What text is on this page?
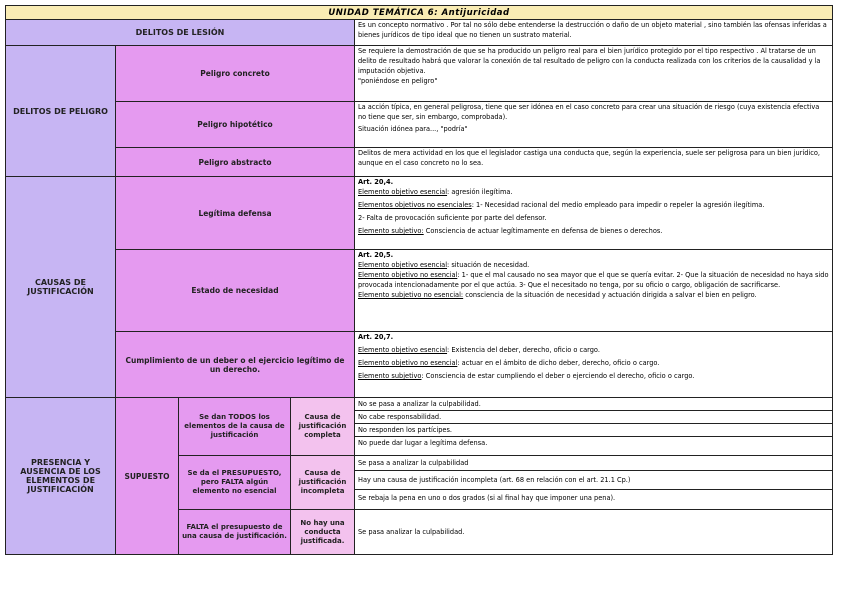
UNIDAD TEMÁTICA 6: Antijuricidad				
DELITOS DE LESIÓN				Es un concepto normativo . Por tal no sólo debe entenderse la destrucción o daño de un objeto material , sino también las ofensas inferidas a bienes jurídicos de tipo ideal que no tienen un sustrato material.

DELITOS DE PELIGRO	Peligro concreto			Se requiere la demostración de que se ha producido un peligro real para el bien jurídico protegido por el tipo respectivo . Al tratarse de un delito de resultado habrá que valorar la conexión de tal resultado de peligro con la conducta realizada con los criterios de la causalidad y la imputación objetiva.
"poniéndose en peligro"

	Peligro hipotético			La acción típica, en general peligrosa, tiene que ser idónea en el caso concreto para crear una situación de riesgo (cuya existencia efectiva no tiene que ser, sin embargo, comprobada).
Situación idónea para..., "podría"

	Peligro abstracto			Delitos de mera actividad en los que el legislador castiga una conducta que, según la experiencia, suele ser peligrosa para un bien jurídico, aunque en el caso concreto no lo sea.

CAUSAS DE JUSTIFICACIÓN	Legítima defensa			Art. 20,4.
Elemento objetivo esencial: agresión ilegítima.
Elementos objetivos no esenciales: 1- Necesidad racional del medio empleado para impedir o repeler la agresión ilegítima.
2- Falta de provocación suficiente por parte del defensor.
Elemento subjetivo: Consciencia de actuar legítimamente en defensa de bienes o derechos.

	Estado de necesidad			Art. 20,5.
Elemento objetivo esencial: situación de necesidad.
Elemento objetivo no esencial: 1- que el mal causado no sea mayor que el que se quería evitar. 2- Que la situación de necesidad no haya sido provocada intencionadamente por el que actúa. 3- Que el necesitado no tenga, por su oficio o cargo, obligación de sacrificarse.
Elemento subjetivo no esencial: consciencia de la situación de necesidad y actuación dirigida a salvar el bien en peligro.

	Cumplimiento de un deber o el ejercicio legítimo de un derecho.			Art. 20,7.
Elemento objetivo esencial: Existencia del deber, derecho, oficio o cargo.
Elemento objetivo no esencial: actuar en el ámbito de dicho deber, derecho, oficio o cargo.
Elemento subjetivo: Consciencia de estar cumpliendo el deber o ejerciendo el derecho, oficio o cargo.

PRESENCIA Y AUSENCIA DE LOS ELEMENTOS DE JUSTIFICACIÓN	SUPUESTO	Se dan TODOS los elementos de la causa de justificación	Causa de justificación completa	No se pasa a analizar la culpabilidad.
No cabe responsabilidad.
No responden los partícipes.
No puede dar lugar a legítima defensa.

		Se da el PRESUPUESTO, pero FALTA algún elemento no esencial	Causa de justificación incompleta	Se pasa a analizar la culpabilidad
Hay una causa de justificación incompleta (art. 68 en relación con el art. 21.1 Cp.)
Se rebaja la pena en uno o dos grados (si al final hay que imponer una pena).

		FALTA el presupuesto de una causa de justificación.	No hay una conducta justificada.	Se pasa analizar la culpabilidad.
